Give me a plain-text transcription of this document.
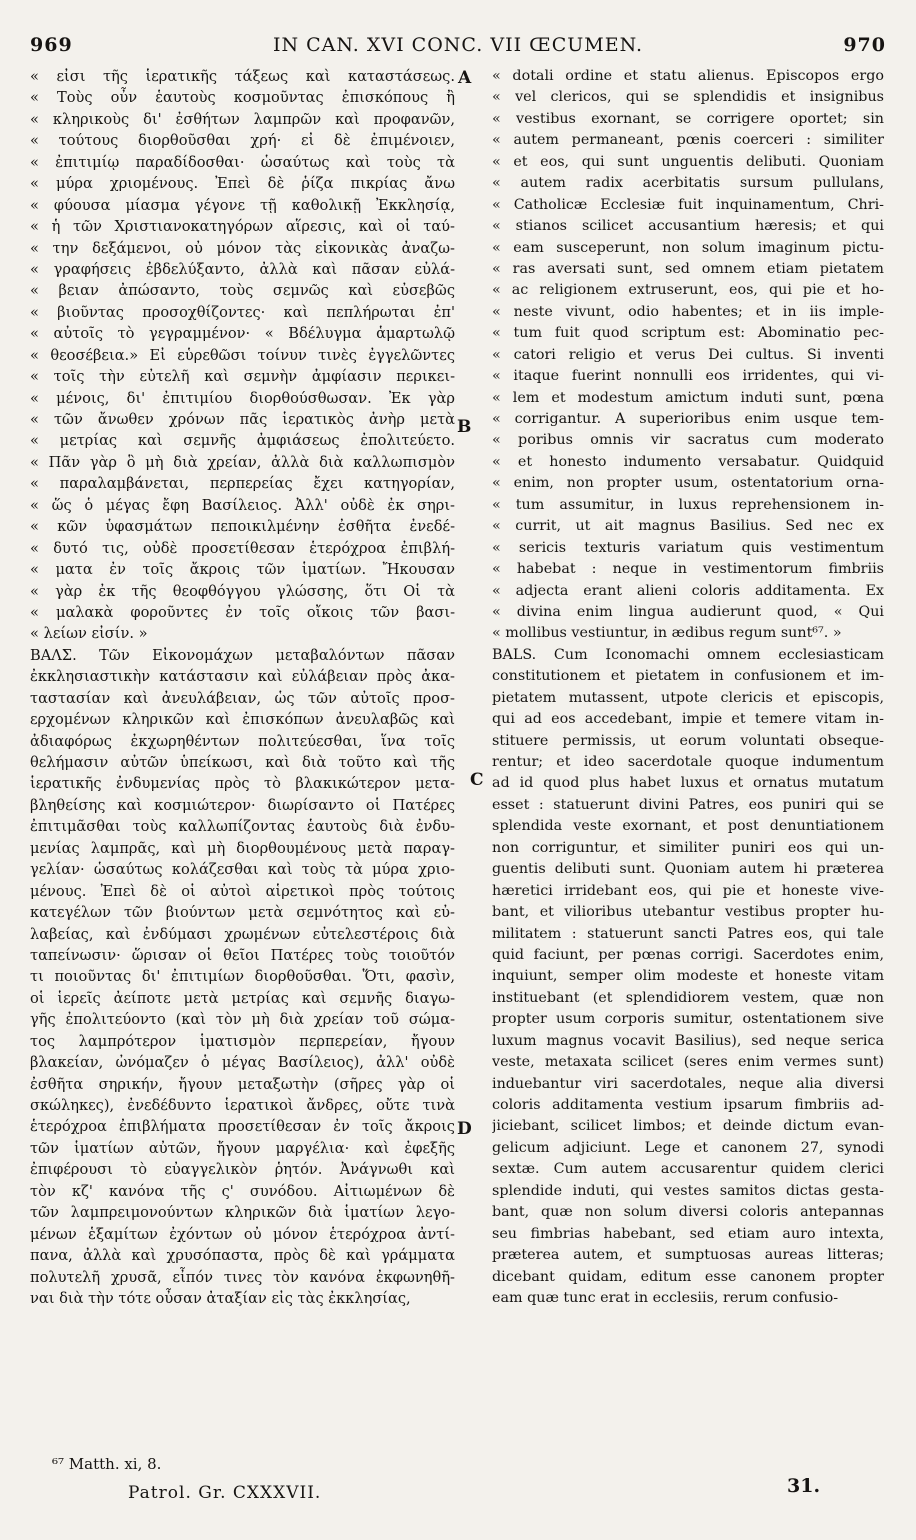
969	IN CAN. XVI CONC. VII ŒCUMEN.	970
« εἰσι τῆς ἱερατικῆς τάξεως καὶ καταστάσεως.
« Τοὺς οὖν ἑαυτοὺς κοσμοῦντας ἐπισκόπους ἢ
« κληρικοὺς δι' ἐσθήτων λαμπρῶν καὶ προφανῶν,
« τούτους διορθοῦσθαι χρή· εἰ δὲ ἐπιμένοιεν,
« ἐπιτιμίῳ παραδίδοσθαι· ὡσαύτως καὶ τοὺς τὰ
« μύρα χριομένους. Ἐπεὶ δὲ ῥίζα πικρίας ἄνω
« φύουσα μίασμα γέγονε τῇ καθολικῇ Ἐκκλησίᾳ,
« ἡ τῶν Χριστιανοκατηγόρων αἵρεσις, καὶ οἱ ταύ-
« την δεξάμενοι, οὐ μόνον τὰς εἰκονικὰς ἀναζω-
« γραφήσεις ἐβδελύξαντο, ἀλλὰ καὶ πᾶσαν εὐλά-
« βειαν ἀπώσαντο, τοὺς σεμνῶς καὶ εὐσεβῶς
« βιοῦντας προσοχθίζοντες· καὶ πεπλήρωται ἐπ'
« αὐτοῖς τὸ γεγραμμένον· « Βδέλυγμα ἁμαρτωλῷ
« θεοσέβεια.» Εἰ εὑρεθῶσι τοίνυν τινὲς ἐγγελῶντες
« τοῖς τὴν εὐτελῆ καὶ σεμνὴν ἀμφίασιν περικει-
« μένοις, δι' ἐπιτιμίου διορθούσθωσαν. Ἐκ γὰρ
« τῶν ἄνωθεν χρόνων πᾶς ἱερατικὸς ἀνὴρ μετὰ
« μετρίας καὶ σεμνῆς ἀμφιάσεως ἐπολιτεύετο.
« Πᾶν γὰρ ὃ μὴ διὰ χρείαν, ἀλλὰ διὰ καλλωπισμὸν
« παραλαμβάνεται, περπερείας ἔχει κατηγορίαν,
« ὥς ὁ μέγας ἔφη Βασίλειος. Ἀλλ' οὐδὲ ἐκ σηρι-
« κῶν ὑφασμάτων πεποικιλμένην ἐσθῆτα ἐνεδέ-
« δυτό τις, οὐδὲ προσετίθεσαν ἑτερόχροα ἐπιβλή-
« ματα ἐν τοῖς ἄκροις τῶν ἱματίων. Ἤκουσαν
« γὰρ ἐκ τῆς θεοφθόγγου γλώσσης, ὅτι Οἱ τὰ
« μαλακὰ φοροῦντες ἐν τοῖς οἴκοις τῶν βασι-
« λείων εἰσίν. »
ΒΑΛΣ. Τῶν Εἰκονομάχων μεταβαλόντων πᾶσαν
ἐκκλησιαστικὴν κατάστασιν καὶ εὐλάβειαν πρὸς ἀκα-
ταστασίαν καὶ ἀνευλάβειαν, ὡς τῶν αὐτοῖς προσ-
ερχομένων κληρικῶν καὶ ἐπισκόπων ἀνευλαβῶς καὶ
ἀδιαφόρως ἐκχωρηθέντων πολιτεύεσθαι, ἵνα τοῖς
θελήμασιν αὐτῶν ὑπείκωσι, καὶ διὰ τοῦτο καὶ τῆς
ἱερατικῆς ἐνδυμενίας πρὸς τὸ βλακικώτερον μετα-
βληθείσης καὶ κοσμιώτερον· διωρίσαντο οἱ Πατέρες
ἐπιτιμᾶσθαι τοὺς καλλωπίζοντας ἑαυτοὺς διὰ ἐνδυ-
μενίας λαμπρᾶς, καὶ μὴ διορθουμένους μετὰ παραγ-
γελίαν· ὡσαύτως κολάζεσθαι καὶ τοὺς τὰ μύρα χριο-
μένους. Ἐπεὶ δὲ οἱ αὐτοὶ αἱρετικοὶ πρὸς τούτοις
κατεγέλων τῶν βιούντων μετὰ σεμνότητος καὶ εὐ-
λαβείας, καὶ ἐνδύμασι χρωμένων εὐτελεστέροις διὰ
ταπείνωσιν· ὥρισαν οἱ θεῖοι Πατέρες τοὺς τοιοῦτόν
τι ποιοῦντας δι' ἐπιτιμίων διορθοῦσθαι. Ὅτι, φασὶν,
οἱ ἱερεῖς ἀείποτε μετὰ μετρίας καὶ σεμνῆς διαγω-
γῆς ἐπολιτεύοντο (καὶ τὸν μὴ διὰ χρείαν τοῦ σώμα-
τος λαμπρότερον ἱματισμὸν περπερείαν, ἤγουν
βλακείαν, ὠνόμαζεν ὁ μέγας Βασίλειος), ἀλλ' οὐδὲ
ἐσθῆτα σηρικήν, ἤγουν μεταξωτὴν (σῆρες γὰρ οἱ
σκώληκες), ἐνεδέδυντο ἱερατικοὶ ἄνδρες, οὔτε τινὰ
ἑτερόχροα ἐπιβλήματα προσετίθεσαν ἐν τοῖς ἄκροις
τῶν ἱματίων αὐτῶν, ἤγουν μαργέλια· καὶ ἐφεξῆς
ἐπιφέρουσι τὸ εὐαγγελικὸν ῥητόν. Ἀνάγνωθι καὶ
τὸν κζ' κανόνα τῆς ς' συνόδου. Αἰτιωμένων δὲ
τῶν λαμπρειμονούντων κληρικῶν διὰ ἱματίων λεγο-
μένων ἑξαμίτων ἐχόντων οὐ μόνον ἑτερόχροα ἀντί-
πανα, ἀλλὰ καὶ χρυσόπαστα, πρὸς δὲ καὶ γράμματα
πολυτελῆ χρυσᾶ, εἶπόν τινες τὸν κανόνα ἐκφωνηθῆ-
ναι διὰ τὴν τότε οὖσαν ἀταξίαν εἰς τὰς ἐκκλησίας,
« dotali ordine et statu alienus. Episcopos ergo
« vel clericos, qui se splendidis et insignibus
« vestibus exornant, se corrigere oportet; sin
« autem permaneant, pœnis coerceri : similiter
« et eos, qui sunt unguentis delibuti. Quoniam
« autem radix acerbitatis sursum pullulans,
« Catholicæ Ecclesiæ fuit inquinamentum, Chri-
« stianos scilicet accusantium hæresis; et qui
« eam susceperunt, non solum imaginum pictu-
« ras aversati sunt, sed omnem etiam pietatem
« ac religionem extruserunt, eos, qui pie et ho-
« neste vivunt, odio habentes; et in iis imple-
« tum fuit quod scriptum est: Abominatio pec-
« catori religio et verus Dei cultus. Si inventi
« itaque fuerint nonnulli eos irridentes, qui vi-
« lem et modestum amictum induti sunt, pœna
« corrigantur. A superioribus enim usque tem-
« poribus omnis vir sacratus cum moderato
« et honesto indumento versabatur. Quidquid
« enim, non propter usum, ostentatorium orna-
« tum assumitur, in luxus reprehensionem in-
« currit, ut ait magnus Basilius. Sed nec ex
« sericis texturis variatum quis vestimentum
« habebat : neque in vestimentorum fimbriis
« adjecta erant alieni coloris additamenta. Ex
« divina enim lingua audierunt quod, « Qui
« mollibus vestiuntur, in ædibus regum sunt⁶⁷. »
BALS. Cum Iconomachi omnem ecclesiasticam
constitutionem et pietatem in confusionem et im-
pietatem mutassent, utpote clericis et episcopis,
qui ad eos accedebant, impie et temere vitam in-
stituere permissis, ut eorum voluntati obseque-
rentur; et ideo sacerdotale quoque indumentum
ad id quod plus habet luxus et ornatus mutatum
esset : statuerunt divini Patres, eos puniri qui se
splendida veste exornant, et post denuntiationem
non corriguntur, et similiter puniri eos qui un-
guentis delibuti sunt. Quoniam autem hi præterea
hæretici irridebant eos, qui pie et honeste vive-
bant, et vilioribus utebantur vestibus propter hu-
militatem : statuerunt sancti Patres eos, qui tale
quid faciunt, per pœnas corrigi. Sacerdotes enim,
inquiunt, semper olim modeste et honeste vitam
instituebant (et splendidiorem vestem, quæ non
propter usum corporis sumitur, ostentationem sive
luxum magnus vocavit Basilius), sed neque serica
veste, metaxata scilicet (seres enim vermes sunt)
induebantur viri sacerdotales, neque alia diversi
coloris additamenta vestium ipsarum fimbriis ad-
jiciebant, scilicet limbos; et deinde dictum evan-
gelicum adjiciunt. Lege et canonem 27, synodi
sextæ. Cum autem accusarentur quidem clerici
splendide induti, qui vestes samitos dictas gesta-
bant, quæ non solum diversi coloris antepannas
seu fimbrias habebant, sed etiam auro intexta,
præterea autem, et sumptuosas aureas litteras;
dicebant quidam, editum esse canonem propter
eam quæ tunc erat in ecclesiis, rerum confusio-
A
B
C
D
⁶⁷ Matth. xi, 8.
Patrol. Gr. CXXXVII.	31.
